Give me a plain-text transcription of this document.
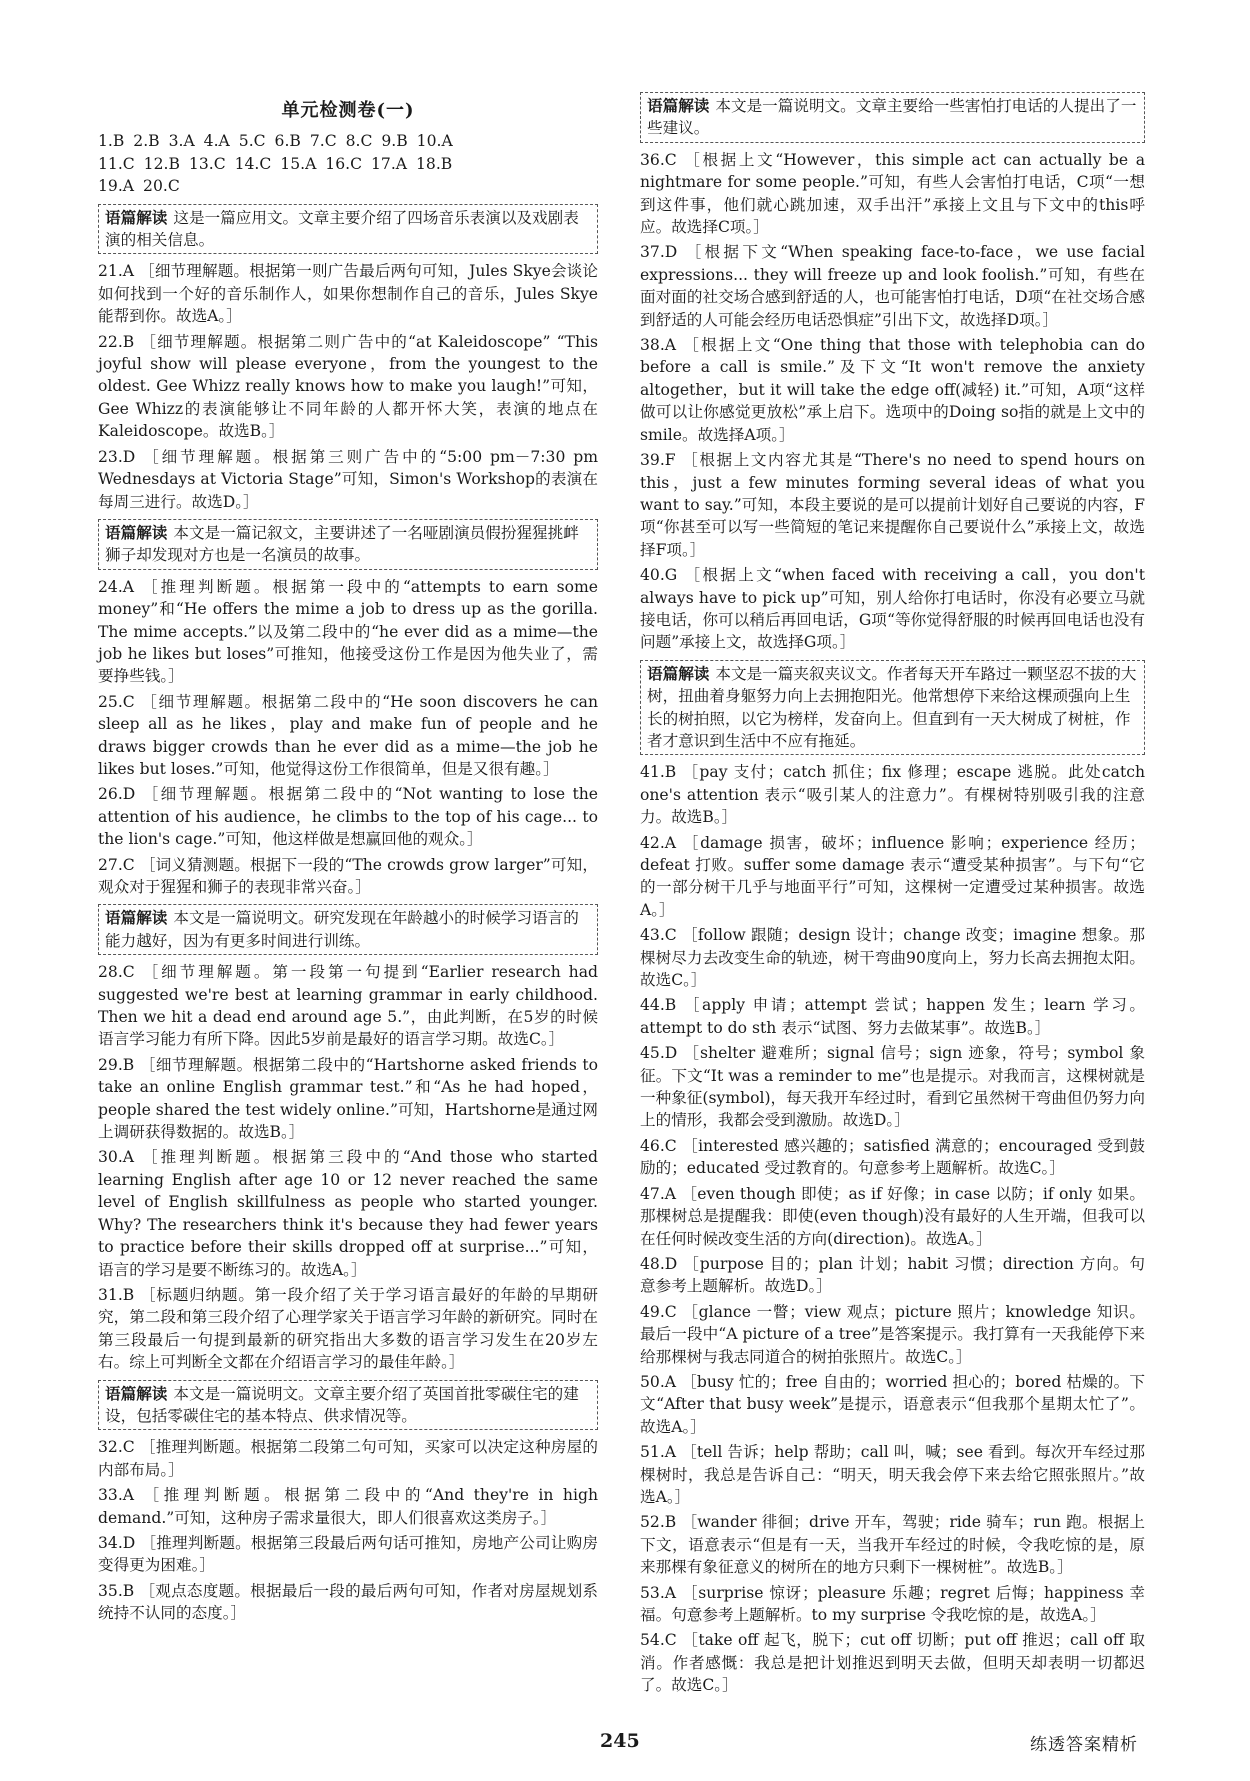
单元检测卷(一)

1.B 2.B 3.A 4.A 5.C 6.B 7.C 8.C 9.B 10.A

11.C 12.B 13.C 14.C 15.A 16.C 17.A 18.B

19.A 20.C

语篇解读 这是一篇应用文。文章主要介绍了四场音乐表演以及戏剧表演的相关信息。

21.A ［细节理解题。根据第一则广告最后两句可知，Jules Skye会谈论如何找到一个好的音乐制作人，如果你想制作自己的音乐，Jules Skye能帮到你。故选A。］

22.B ［细节理解题。根据第二则广告中的“at Kaleidoscope” “This joyful show will please everyone，from the youngest to the oldest. Gee Whizz really knows how to make you laugh!”可知，Gee Whizz的表演能够让不同年龄的人都开怀大笑，表演的地点在Kaleidoscope。故选B。］

23.D ［细节理解题。根据第三则广告中的“5:00 pm－7:30 pm Wednesdays at Victoria Stage”可知，Simon's Workshop的表演在每周三进行。故选D。］

语篇解读 本文是一篇记叙文，主要讲述了一名哑剧演员假扮猩猩挑衅狮子却发现对方也是一名演员的故事。

24.A ［推理判断题。根据第一段中的“attempts to earn some money”和“He offers the mime a job to dress up as the gorilla. The mime accepts.”以及第二段中的“he ever did as a mime—the job he likes but loses”可推知，他接受这份工作是因为他失业了，需要挣些钱。］

25.C ［细节理解题。根据第二段中的“He soon discovers he can sleep all as he likes，play and make fun of people and he draws bigger crowds than he ever did as a mime—the job he likes but loses.”可知，他觉得这份工作很简单，但是又很有趣。］

26.D ［细节理解题。根据第二段中的“Not wanting to lose the attention of his audience，he climbs to the top of his cage... to the lion's cage.”可知，他这样做是想赢回他的观众。］

27.C ［词义猜测题。根据下一段的“The crowds grow larger”可知，观众对于猩猩和狮子的表现非常兴奋。］

语篇解读 本文是一篇说明文。研究发现在年龄越小的时候学习语言的能力越好，因为有更多时间进行训练。

28.C ［细节理解题。第一段第一句提到“Earlier research had suggested we're best at learning grammar in early childhood. Then we hit a dead end around age 5.”，由此判断，在5岁的时候语言学习能力有所下降。因此5岁前是最好的语言学习期。故选C。］

29.B ［细节理解题。根据第二段中的“Hartshorne asked friends to take an online English grammar test.”和“As he had hoped，people shared the test widely online.”可知，Hartshorne是通过网上调研获得数据的。故选B。］

30.A ［推理判断题。根据第三段中的“And those who started learning English after age 10 or 12 never reached the same level of English skillfulness as people who started younger. Why? The researchers think it's because they had fewer years to practice before their skills dropped off at surprise...”可知，语言的学习是要不断练习的。故选A。］

31.B ［标题归纳题。第一段介绍了关于学习语言最好的年龄的早期研究，第二段和第三段介绍了心理学家关于语言学习年龄的新研究。同时在第三段最后一句提到最新的研究指出大多数的语言学习发生在20岁左右。综上可判断全文都在介绍语言学习的最佳年龄。］

语篇解读 本文是一篇说明文。文章主要介绍了英国首批零碳住宅的建设，包括零碳住宅的基本特点、供求情况等。

32.C ［推理判断题。根据第二段第二句可知，买家可以决定这种房屋的内部布局。］

33.A ［推理判断题。根据第二段中的“And they're in high demand.”可知，这种房子需求量很大，即人们很喜欢这类房子。］

34.D ［推理判断题。根据第三段最后两句话可推知，房地产公司让购房变得更为困难。］

35.B ［观点态度题。根据最后一段的最后两句可知，作者对房屋规划系统持不认同的态度。］

语篇解读 本文是一篇说明文。文章主要给一些害怕打电话的人提出了一些建议。

36.C ［根据上文“However，this simple act can actually be a nightmare for some people.”可知，有些人会害怕打电话，C项“一想到这件事，他们就心跳加速，双手出汗”承接上文且与下文中的this呼应。故选择C项。］

37.D ［根据下文“When speaking face-to-face，we use facial expressions... they will freeze up and look foolish.”可知，有些在面对面的社交场合感到舒适的人，也可能害怕打电话，D项“在社交场合感到舒适的人可能会经历电话恐惧症”引出下文，故选择D项。］

38.A ［根据上文“One thing that those with telephobia can do before a call is smile.”及下文“It won't remove the anxiety altogether，but it will take the edge off(减轻) it.”可知，A项“这样做可以让你感觉更放松”承上启下。选项中的Doing so指的就是上文中的smile。故选择A项。］

39.F ［根据上文内容尤其是“There's no need to spend hours on this，just a few minutes forming several ideas of what you want to say.”可知，本段主要说的是可以提前计划好自己要说的内容，F项“你甚至可以写一些简短的笔记来提醒你自己要说什么”承接上文，故选择F项。］

40.G ［根据上文“when faced with receiving a call，you don't always have to pick up”可知，别人给你打电话时，你没有必要立马就接电话，你可以稍后再回电话，G项“等你觉得舒服的时候再回电话也没有问题”承接上文，故选择G项。］

语篇解读 本文是一篇夹叙夹议文。作者每天开车路过一颗坚忍不拔的大树，扭曲着身躯努力向上去拥抱阳光。他常想停下来给这棵顽强向上生长的树拍照，以它为榜样，发奋向上。但直到有一天大树成了树桩，作者才意识到生活中不应有拖延。

41.B ［pay 支付；catch 抓住；fix 修理；escape 逃脱。此处catch one's attention 表示“吸引某人的注意力”。有棵树特别吸引我的注意力。故选B。］

42.A ［damage 损害，破坏；influence 影响；experience 经历；defeat 打败。suffer some damage 表示“遭受某种损害”。与下句“它的一部分树干几乎与地面平行”可知，这棵树一定遭受过某种损害。故选A。］

43.C ［follow 跟随；design 设计；change 改变；imagine 想象。那棵树尽力去改变生命的轨迹，树干弯曲90度向上，努力长高去拥抱太阳。故选C。］

44.B ［apply 申请；attempt 尝试；happen 发生；learn 学习。attempt to do sth 表示“试图、努力去做某事”。故选B。］

45.D ［shelter 避难所；signal 信号；sign 迹象，符号；symbol 象征。下文“It was a reminder to me”也是提示。对我而言，这棵树就是一种象征(symbol)，每天我开车经过时，看到它虽然树干弯曲但仍努力向上的情形，我都会受到激励。故选D。］

46.C ［interested 感兴趣的；satisfied 满意的；encouraged 受到鼓励的；educated 受过教育的。句意参考上题解析。故选C。］

47.A ［even though 即使；as if 好像；in case 以防；if only 如果。那棵树总是提醒我：即使(even though)没有最好的人生开端，但我可以在任何时候改变生活的方向(direction)。故选A。］

48.D ［purpose 目的；plan 计划；habit 习惯；direction 方向。句意参考上题解析。故选D。］

49.C ［glance 一瞥；view 观点；picture 照片；knowledge 知识。最后一段中“A picture of a tree”是答案提示。我打算有一天我能停下来给那棵树与我志同道合的树拍张照片。故选C。］

50.A ［busy 忙的；free 自由的；worried 担心的；bored 枯燥的。下文“After that busy week”是提示，语意表示“但我那个星期太忙了”。故选A。］

51.A ［tell 告诉；help 帮助；call 叫，喊；see 看到。每次开车经过那棵树时，我总是告诉自己：“明天，明天我会停下来去给它照张照片。”故选A。］

52.B ［wander 徘徊；drive 开车，驾驶；ride 骑车；run 跑。根据上下文，语意表示“但是有一天，当我开车经过的时候，令我吃惊的是，原来那棵有象征意义的树所在的地方只剩下一棵树桩”。故选B。］

53.A ［surprise 惊讶；pleasure 乐趣；regret 后悔；happiness 幸福。句意参考上题解析。to my surprise 令我吃惊的是，故选A。］

54.C ［take off 起飞，脱下；cut off 切断；put off 推迟；call off 取消。作者感慨：我总是把计划推迟到明天去做，但明天却表明一切都迟了。故选C。］

245	练透答案精析
